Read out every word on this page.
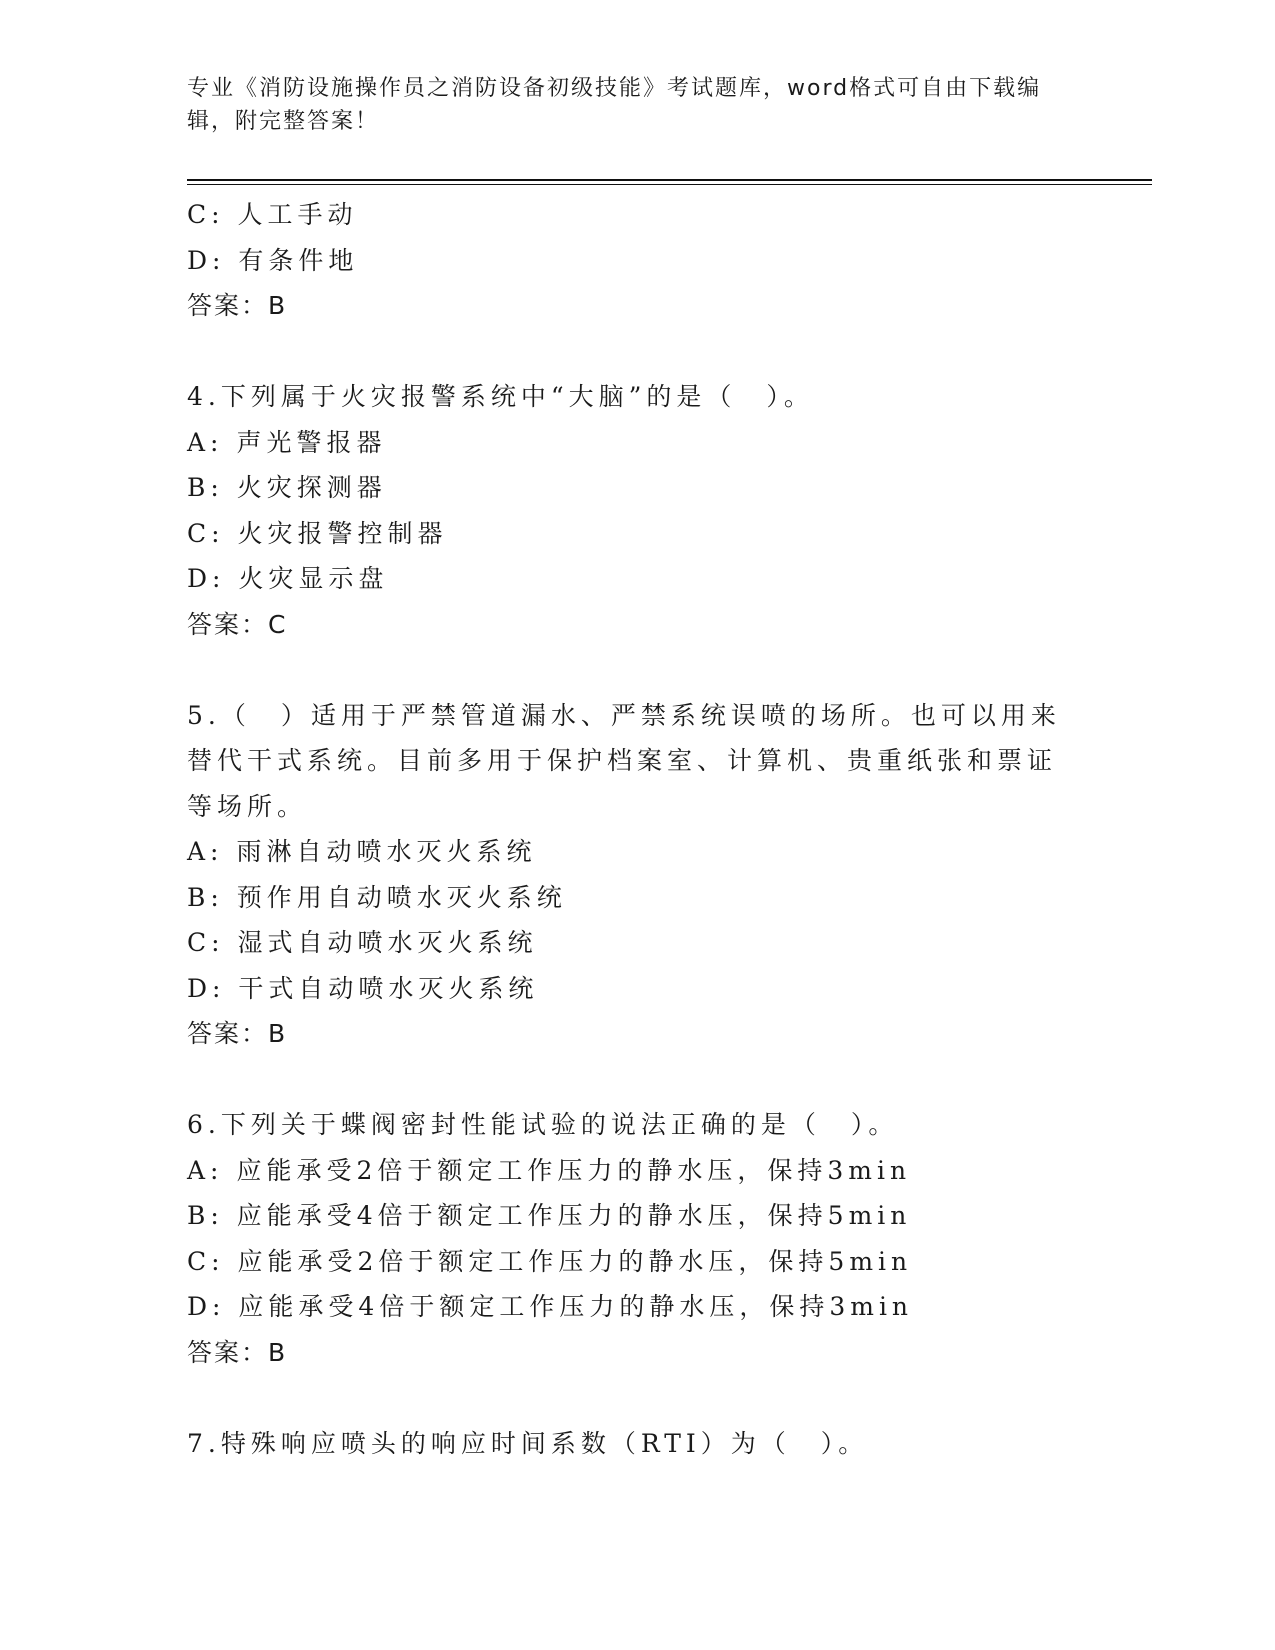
专业《消防设施操作员之消防设备初级技能》考试题库，word格式可自由下载编辑，附完整答案！
C: 人工手动
D: 有条件地
答案：B
4.下列属于火灾报警系统中“大脑”的是（　）。
A: 声光警报器
B: 火灾探测器
C: 火灾报警控制器
D: 火灾显示盘
答案：C
5.（　）适用于严禁管道漏水、严禁系统误喷的场所。也可以用来替代干式系统。目前多用于保护档案室、计算机、贵重纸张和票证等场所。
A: 雨淋自动喷水灭火系统
B: 预作用自动喷水灭火系统
C: 湿式自动喷水灭火系统
D: 干式自动喷水灭火系统
答案：B
6.下列关于蝶阀密封性能试验的说法正确的是（　）。
A: 应能承受2倍于额定工作压力的静水压，保持3min
B: 应能承受4倍于额定工作压力的静水压，保持5min
C: 应能承受2倍于额定工作压力的静水压，保持5min
D: 应能承受4倍于额定工作压力的静水压，保持3min
答案：B
7.特殊响应喷头的响应时间系数（RTI）为（　）。
